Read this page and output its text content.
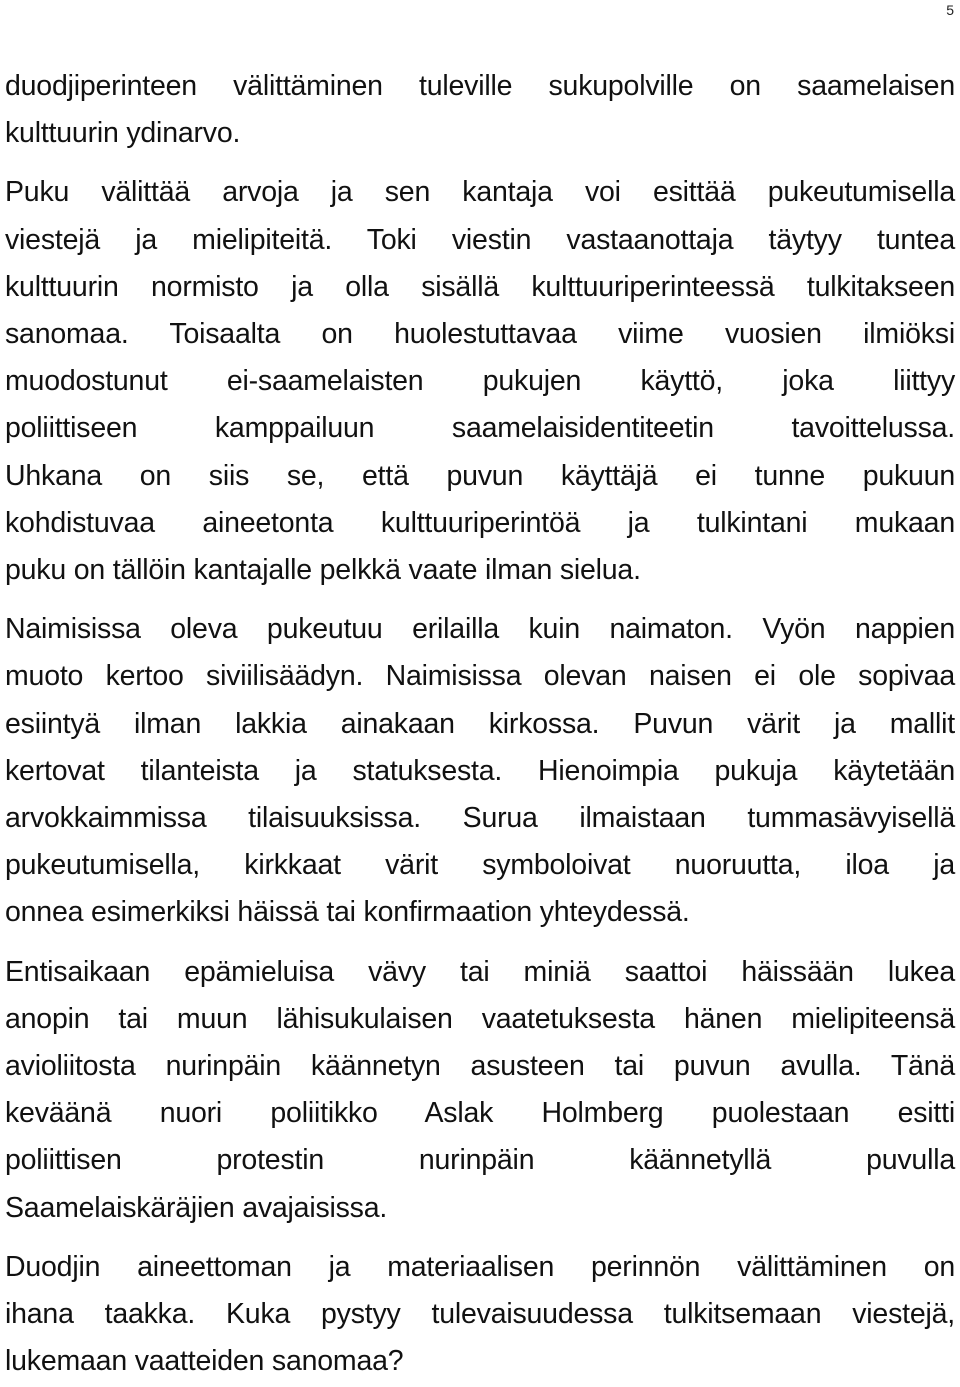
5

duodjiperinteen välittäminen tuleville sukupolville on saamelaisen
kulttuurin ydinarvo.

Puku välittää arvoja ja sen kantaja voi esittää pukeutumisella
viestejä ja mielipiteitä. Toki viestin vastaanottaja täytyy tuntea
kulttuurin normisto ja olla sisällä kulttuuriperinteessä tulkitakseen
sanomaa. Toisaalta on huolestuttavaa viime vuosien ilmiöksi
muodostunut ei-saamelaisten pukujen käyttö, joka liittyy
poliittiseen kamppailuun saamelaisidentiteetin tavoittelussa.
Uhkana on siis se, että puvun käyttäjä ei tunne pukuun
kohdistuvaa aineetonta kulttuuriperintöä ja tulkintani mukaan
puku on tällöin kantajalle pelkkä vaate ilman sielua.

Naimisissa oleva pukeutuu erilailla kuin naimaton. Vyön nappien
muoto kertoo siviilisäädyn. Naimisissa olevan naisen ei ole sopivaa
esiintyä ilman lakkia ainakaan kirkossa. Puvun värit ja mallit
kertovat tilanteista ja statuksesta. Hienoimpia pukuja käytetään
arvokkaimmissa tilaisuuksissa. Surua ilmaistaan tummasävyisellä
pukeutumisella, kirkkaat värit symboloivat nuoruutta, iloa ja
onnea esimerkiksi häissä tai konfirmaation yhteydessä.

Entisaikaan epämieluisa vävy tai miniä saattoi häissään lukea
anopin tai muun lähisukulaisen vaatetuksesta hänen mielipiteensä
avioliitosta nurinpäin käännetyn asusteen tai puvun avulla. Tänä
keväänä nuori poliitikko Aslak Holmberg puolestaan esitti
poliittisen protestin nurinpäin käännetyllä puvulla
Saamelaiskäräjien avajaisissa.

Duodjin aineettoman ja materiaalisen perinnön välittäminen on
ihana taakka. Kuka pystyy tulevaisuudessa tulkitsemaan viestejä,
lukemaan vaatteiden sanomaa?
